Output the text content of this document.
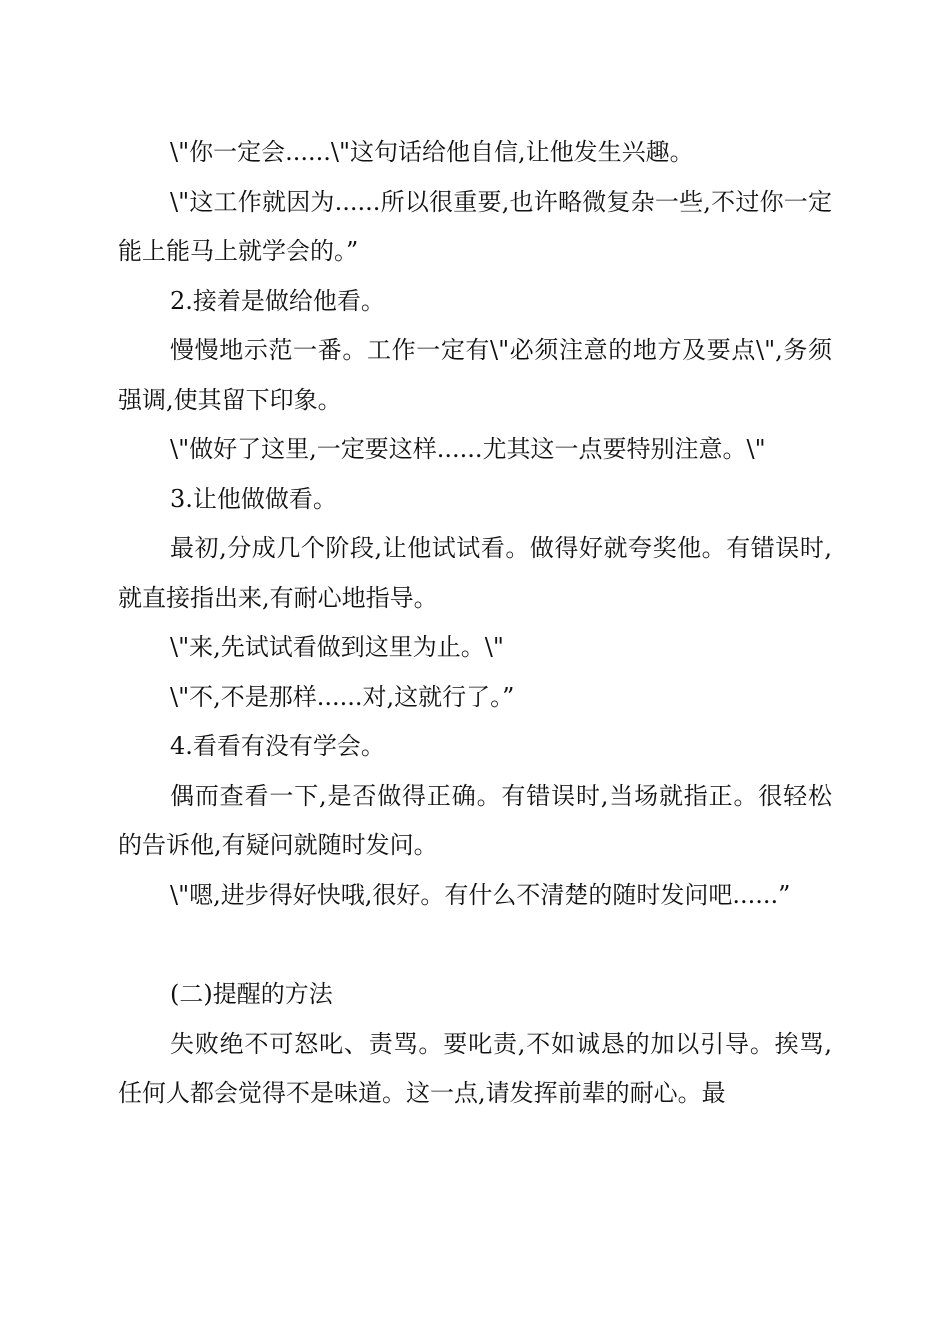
\"你一定会......\"这句话给他自信,让他发生兴趣。

\"这工作就因为......所以很重要,也许略微复杂一些,不过你一定能上能马上就学会的。”

2.接着是做给他看。

慢慢地示范一番。工作一定有\"必须注意的地方及要点\",务须强调,使其留下印象。

\"做好了这里,一定要这样......尤其这一点要特别注意。\"

3.让他做做看。

最初,分成几个阶段,让他试试看。做得好就夸奖他。有错误时,就直接指出来,有耐心地指导。

\"来,先试试看做到这里为止。\"

\"不,不是那样......对,这就行了。”

4.看看有没有学会。

偶而查看一下,是否做得正确。有错误时,当场就指正。很轻松的告诉他,有疑问就随时发问。

\"嗯,进步得好快哦,很好。有什么不清楚的随时发问吧......”

(二)提醒的方法

失败绝不可怒叱、责骂。要叱责,不如诚恳的加以引导。挨骂,任何人都会觉得不是味道。这一点,请发挥前辈的耐心。最
